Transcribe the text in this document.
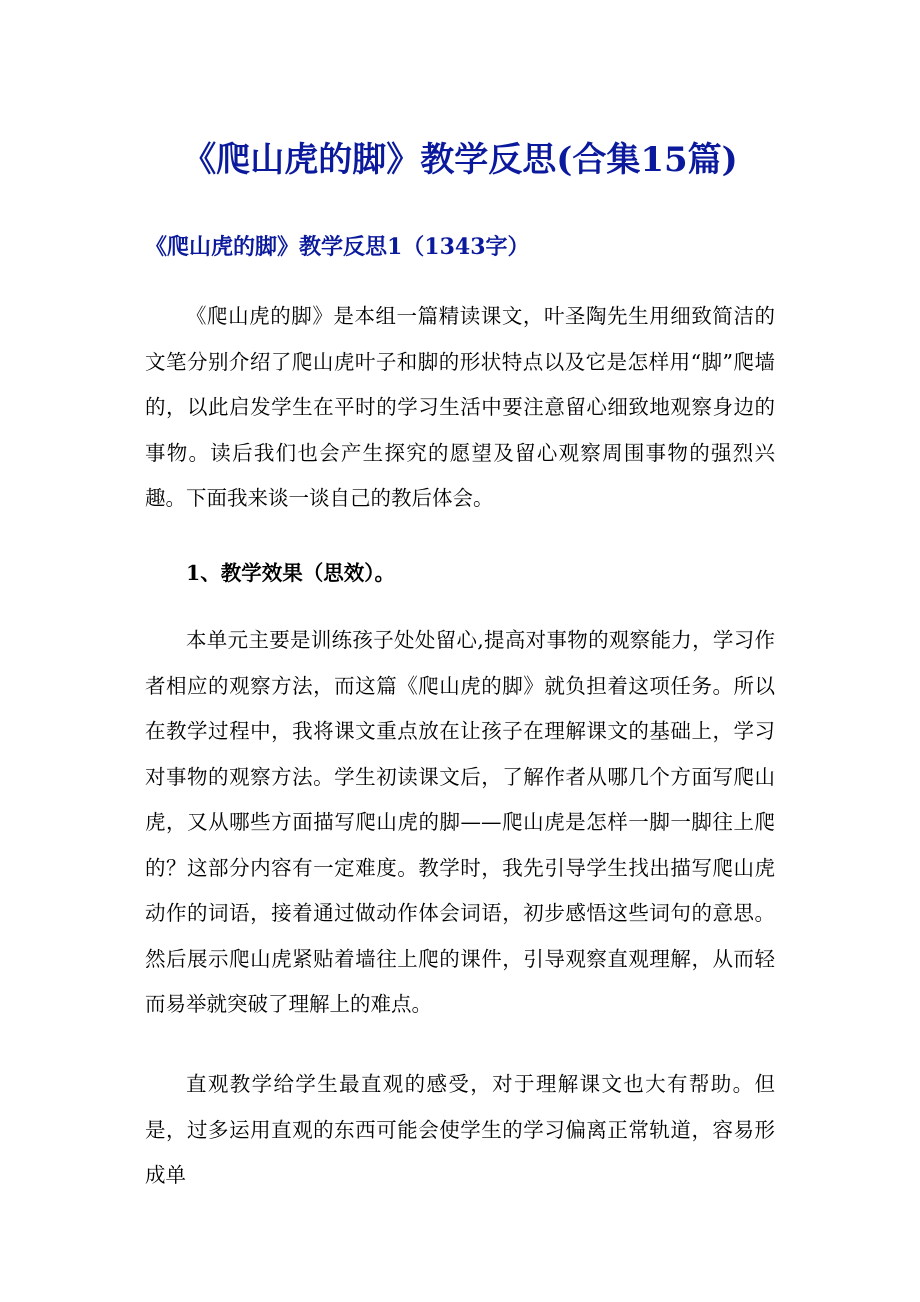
《爬山虎的脚》教学反思(合集15篇)
《爬山虎的脚》教学反思1（1343字）

《爬山虎的脚》是本组一篇精读课文，叶圣陶先生用细致简洁的文笔分别介绍了爬山虎叶子和脚的形状特点以及它是怎样用“脚”爬墙的，以此启发学生在平时的学习生活中要注意留心细致地观察身边的事物。读后我们也会产生探究的愿望及留心观察周围事物的强烈兴趣。下面我来谈一谈自己的教后体会。

1、教学效果（思效）。

本单元主要是训练孩子处处留心,提高对事物的观察能力，学习作者相应的观察方法，而这篇《爬山虎的脚》就负担着这项任务。所以在教学过程中，我将课文重点放在让孩子在理解课文的基础上，学习对事物的观察方法。学生初读课文后，了解作者从哪几个方面写爬山虎，又从哪些方面描写爬山虎的脚——爬山虎是怎样一脚一脚往上爬的？这部分内容有一定难度。教学时，我先引导学生找出描写爬山虎动作的词语，接着通过做动作体会词语，初步感悟这些词句的意思。然后展示爬山虎紧贴着墙往上爬的课件，引导观察直观理解，从而轻而易举就突破了理解上的难点。

直观教学给学生最直观的感受，对于理解课文也大有帮助。但是，过多运用直观的东西可能会使学生的学习偏离正常轨道，容易形成单
